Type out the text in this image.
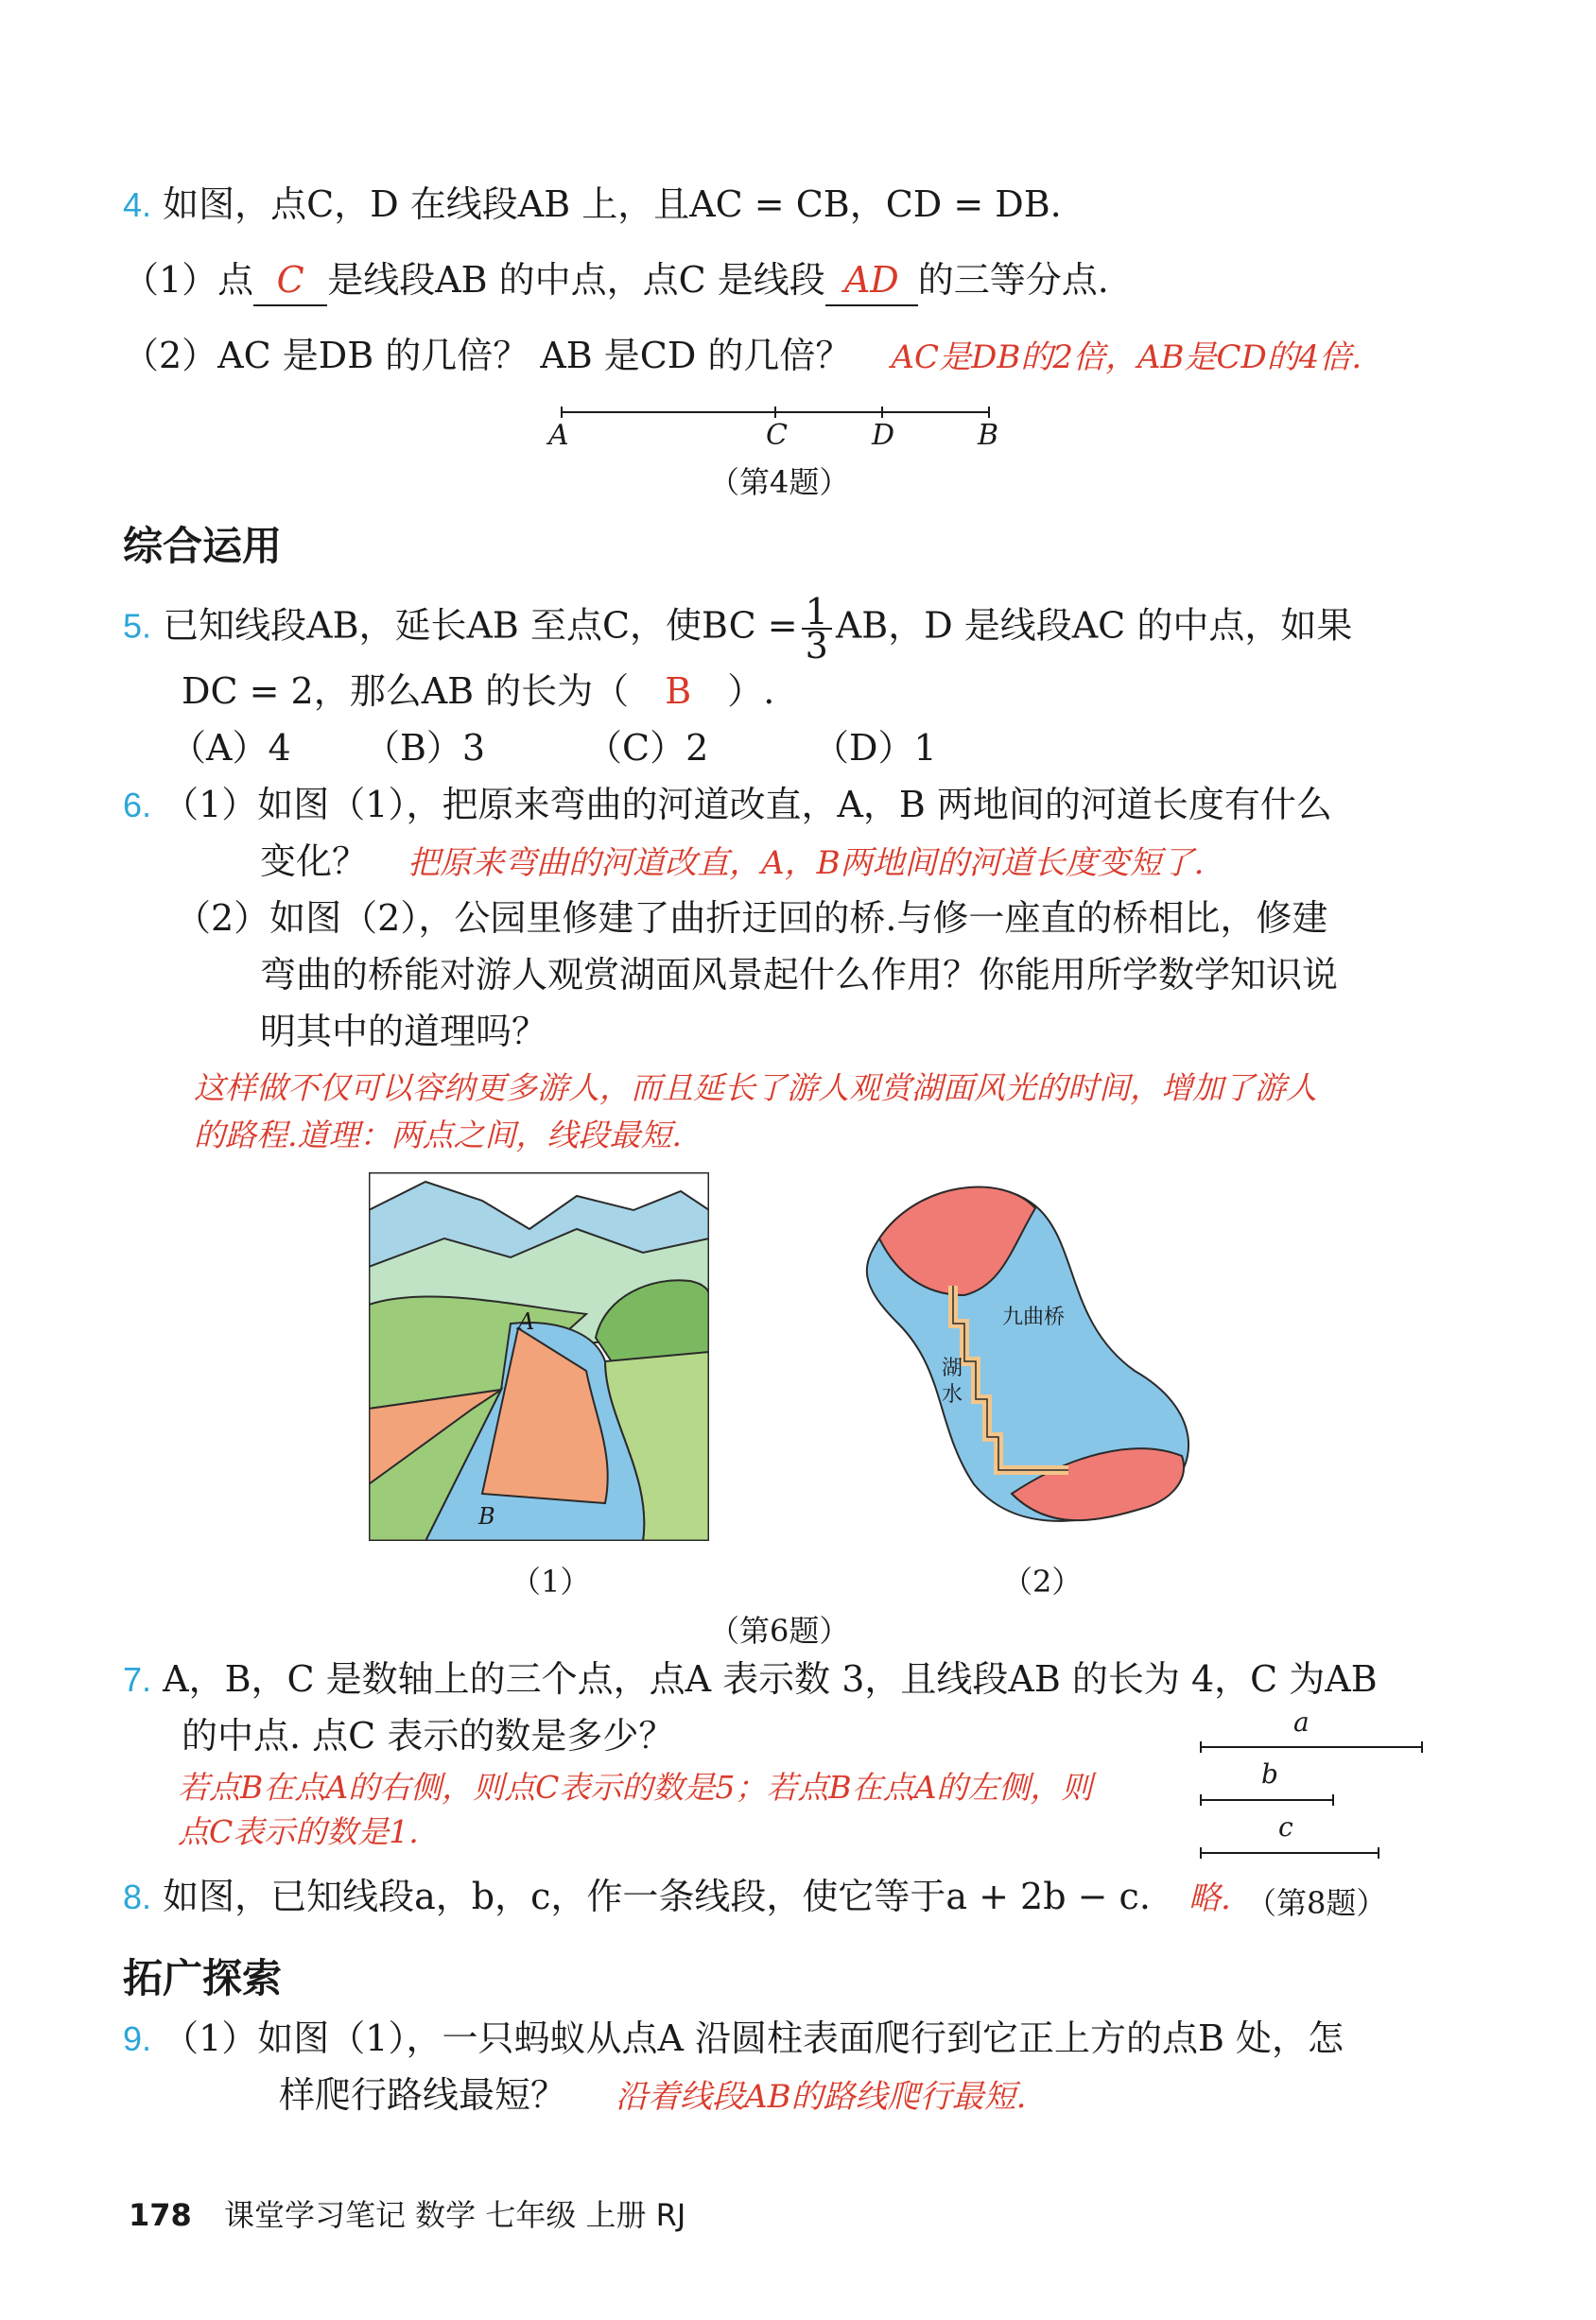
4. 如图，点C，D 在线段AB 上，且AC = CB，CD = DB.
（1）点 C 是线段AB 的中点，点C 是线段 AD 的三等分点.
（2）AC 是DB 的几倍？ AB 是CD 的几倍？ AC是DB的2倍，AB是CD的4倍.
A	C	D	B
（第4题）
综合运用
5. 已知线段AB，延长AB 至点C，使BC = $\frac{1}{3}$ AB，D 是线段AC 的中点，如果
DC = 2，那么AB 的长为（ B ）.
（A）4 （B）3	（C）2	（D）1
6. （1）如图（1），把原来弯曲的河道改直，A，B 两地间的河道长度有什么
变化？ 把原来弯曲的河道改直，A，B两地间的河道长度变短了.
（2）如图（2），公园里修建了曲折迂回的桥.与修一座直的桥相比，修建
弯曲的桥能对游人观赏湖面风景起什么作用？你能用所学数学知识说
明其中的道理吗？
这样做不仅可以容纳更多游人，而且延长了游人观赏湖面风光的时间，增加了游人
的路程.道理：两点之间，线段最短.
A
B
九曲桥
湖
水
（1）	（2）
（第6题）
7. A，B，C 是数轴上的三个点，点A 表示数 3，且线段AB 的长为 4，C 为AB
的中点. 点C 表示的数是多少？
若点B在点A的右侧，则点C表示的数是5；若点B在点A的左侧，则
点C表示的数是1.
a
b
c
8. 如图，已知线段a，b，c，作一条线段，使它等于a + 2b − c. 略. （第8题）
拓广探索
9. （1）如图（1），一只蚂蚁从点A 沿圆柱表面爬行到它正上方的点B 处，怎
样爬行路线最短？ 沿着线段AB的路线爬行最短.
178 课堂学习笔记 数学 七年级 上册 RJ
